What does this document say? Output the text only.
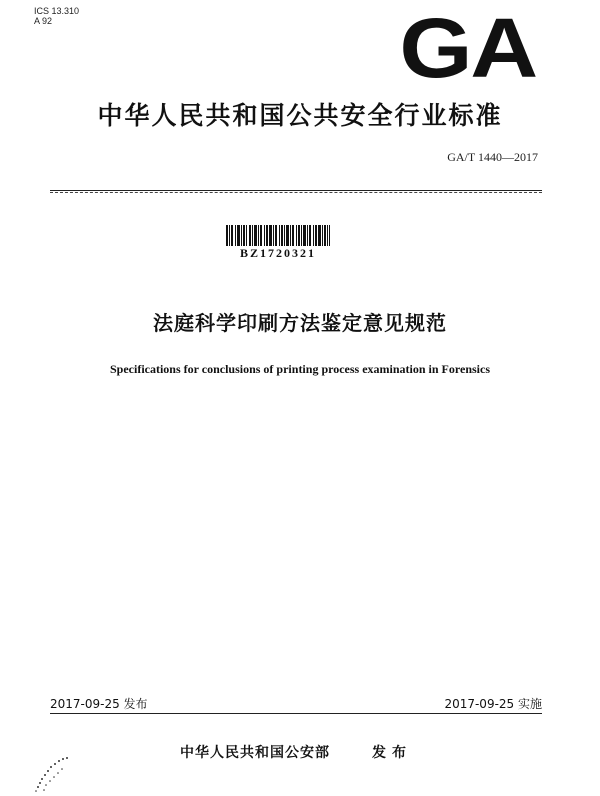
ICS 13.310
A 92	GA
中华人民共和国公共安全行业标准
GA/T 1440—2017
BZ1720321
法庭科学印刷方法鉴定意见规范
Specifications for conclusions of printing process examination in Forensics
2017-09-25 发布	2017-09-25 实施
中华人民共和国公安部	发布
